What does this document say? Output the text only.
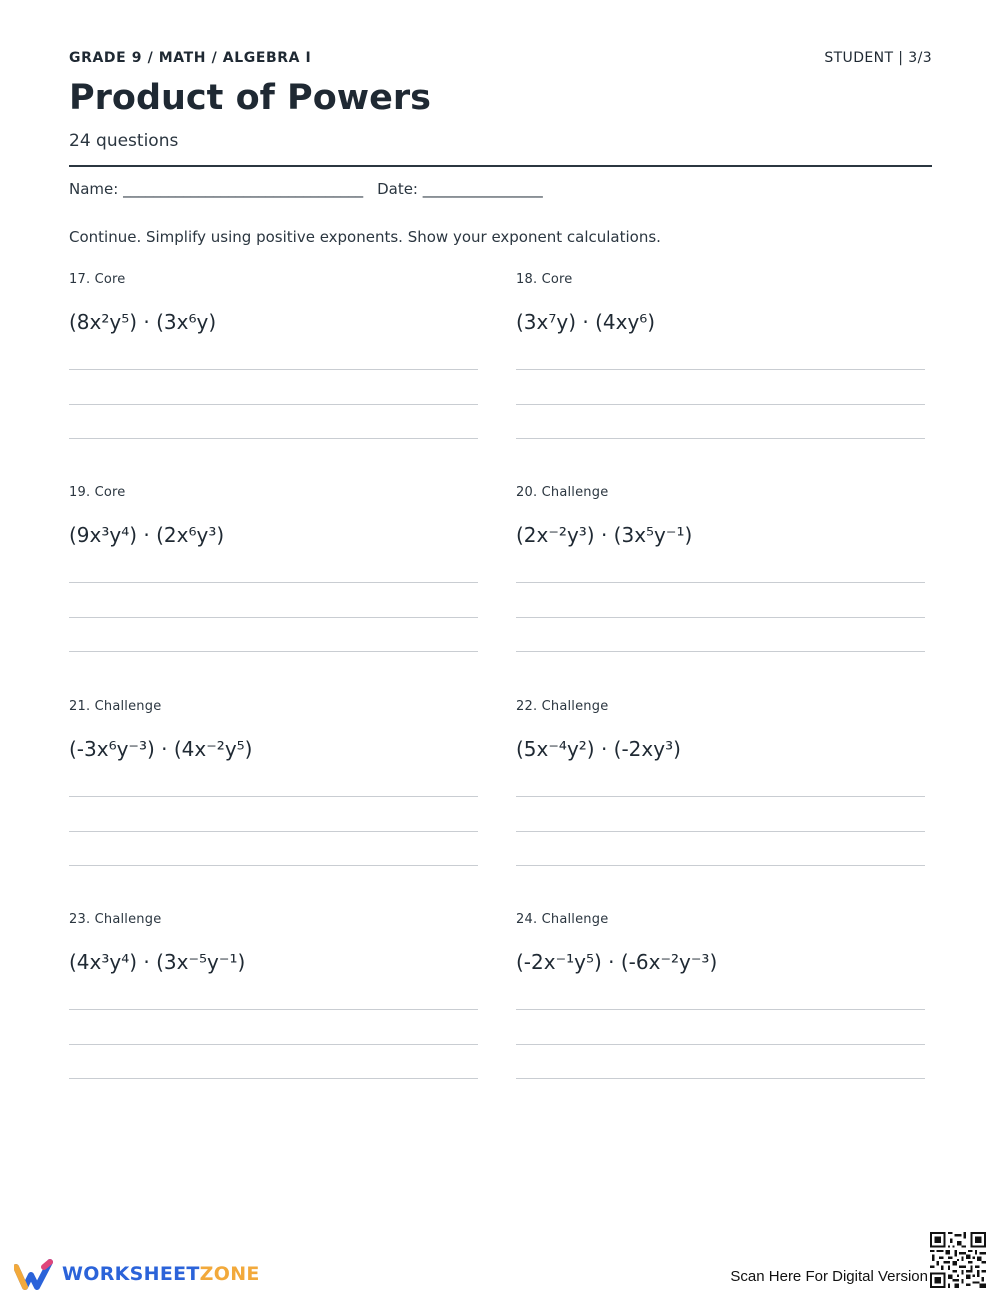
GRADE 9 / MATH / ALGEBRA I	STUDENT | 3/3
Product of Powers
24 questions
Name: ________________________________ Date: ________________
Continue. Simplify using positive exponents. Show your exponent calculations.
17. Core
(8x²y⁵) · (3x⁶y)
18. Core
(3x⁷y) · (4xy⁶)
19. Core
(9x³y⁴) · (2x⁶y³)
20. Challenge
(2x⁻²y³) · (3x⁵y⁻¹)
21. Challenge
(-3x⁶y⁻³) · (4x⁻²y⁵)
22. Challenge
(5x⁻⁴y²) · (-2xy³)
23. Challenge
(4x³y⁴) · (3x⁻⁵y⁻¹)
24. Challenge
(-2x⁻¹y⁵) · (-6x⁻²y⁻³)
WORKSHEETZONE	Scan Here For Digital Version
